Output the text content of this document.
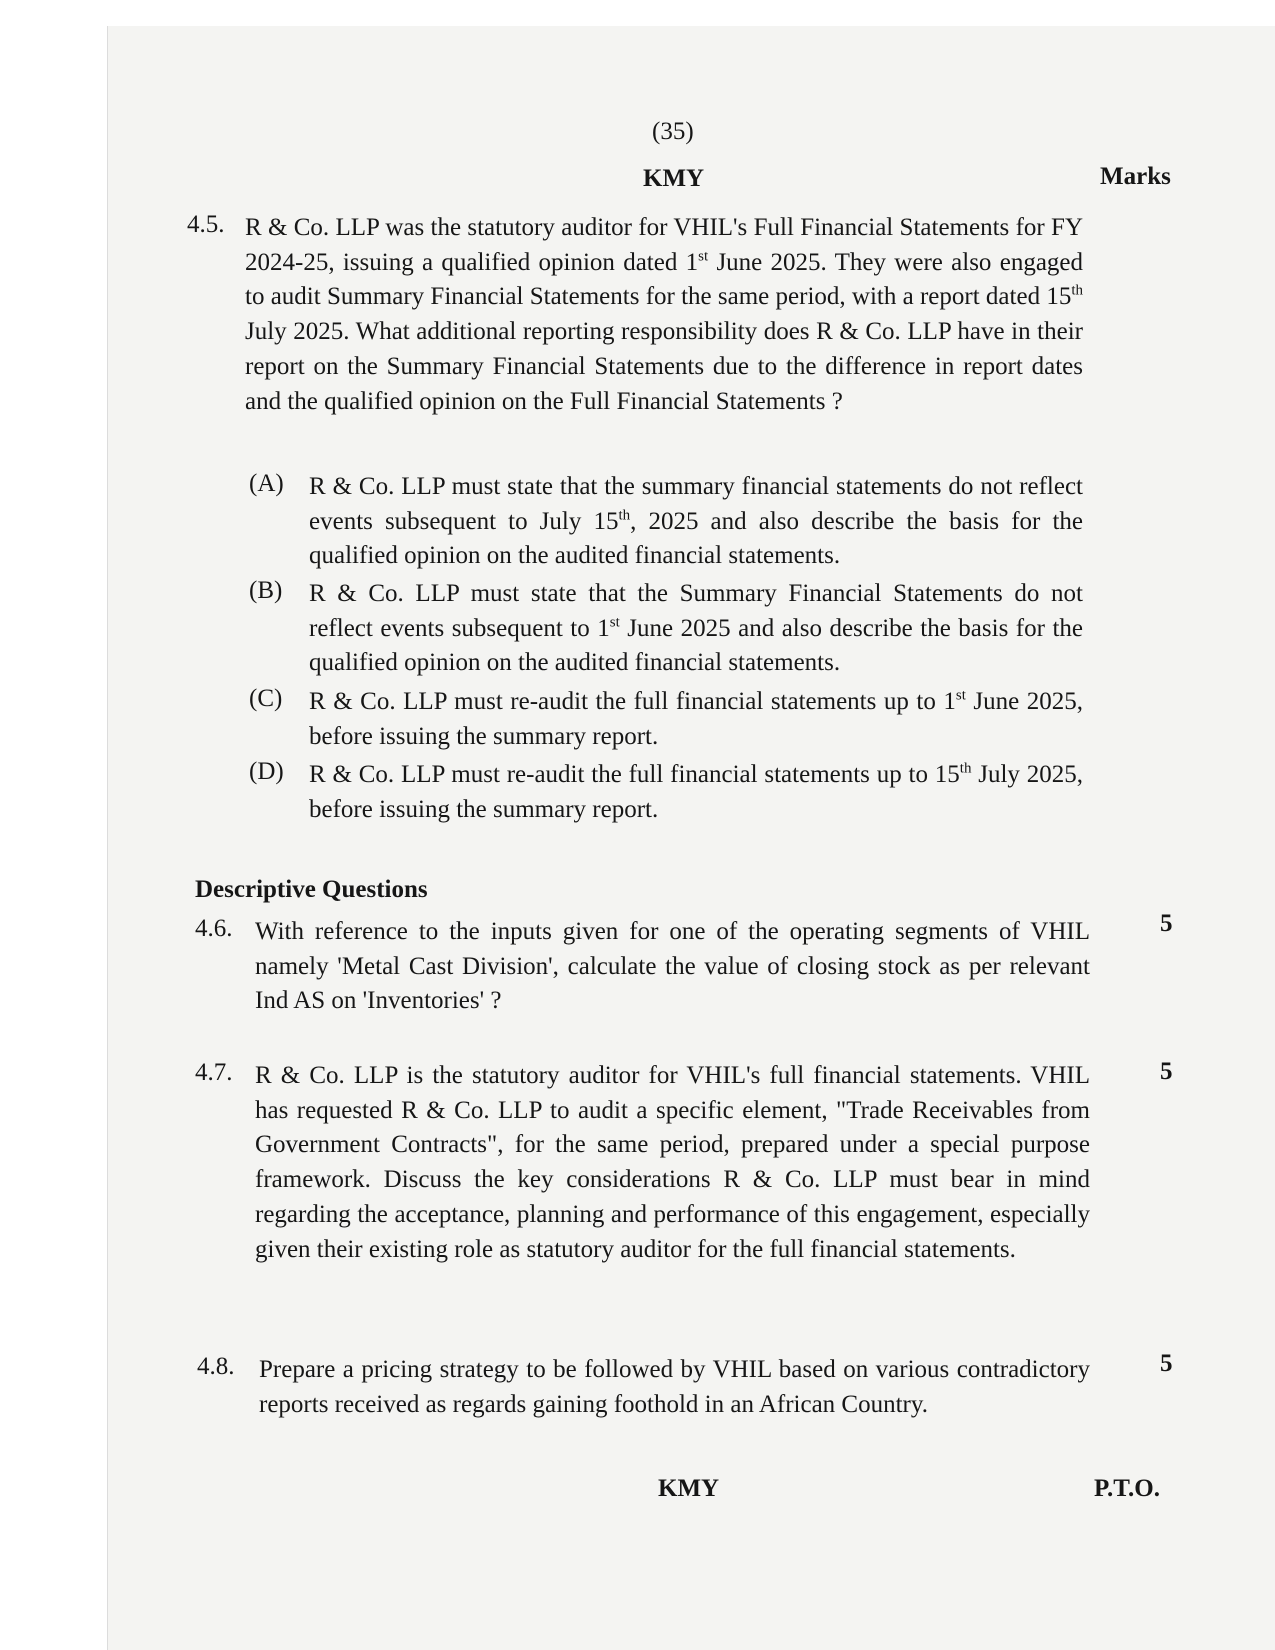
(35)
KMY	Marks
4.5. R & Co. LLP was the statutory auditor for VHIL's Full Financial Statements for FY 2024-25, issuing a qualified opinion dated 1st June 2025. They were also engaged to audit Summary Financial Statements for the same period, with a report dated 15th July 2025. What additional reporting responsibility does R & Co. LLP have in their report on the Summary Financial Statements due to the difference in report dates and the qualified opinion on the Full Financial Statements ?
(A) R & Co. LLP must state that the summary financial statements do not reflect events subsequent to July 15th, 2025 and also describe the basis for the qualified opinion on the audited financial statements.
(B) R & Co. LLP must state that the Summary Financial Statements do not reflect events subsequent to 1st June 2025 and also describe the basis for the qualified opinion on the audited financial statements.
(C) R & Co. LLP must re-audit the full financial statements up to 1st June 2025, before issuing the summary report.
(D) R & Co. LLP must re-audit the full financial statements up to 15th July 2025, before issuing the summary report.
Descriptive Questions
4.6. With reference to the inputs given for one of the operating segments of VHIL namely 'Metal Cast Division', calculate the value of closing stock as per relevant Ind AS on 'Inventories' ?
5
4.7. R & Co. LLP is the statutory auditor for VHIL's full financial statements. VHIL has requested R & Co. LLP to audit a specific element, "Trade Receivables from Government Contracts", for the same period, prepared under a special purpose framework. Discuss the key considerations R & Co. LLP must bear in mind regarding the acceptance, planning and performance of this engagement, especially given their existing role as statutory auditor for the full financial statements.
5
4.8. Prepare a pricing strategy to be followed by VHIL based on various contradictory reports received as regards gaining foothold in an African Country.
5
KMY	P.T.O.
